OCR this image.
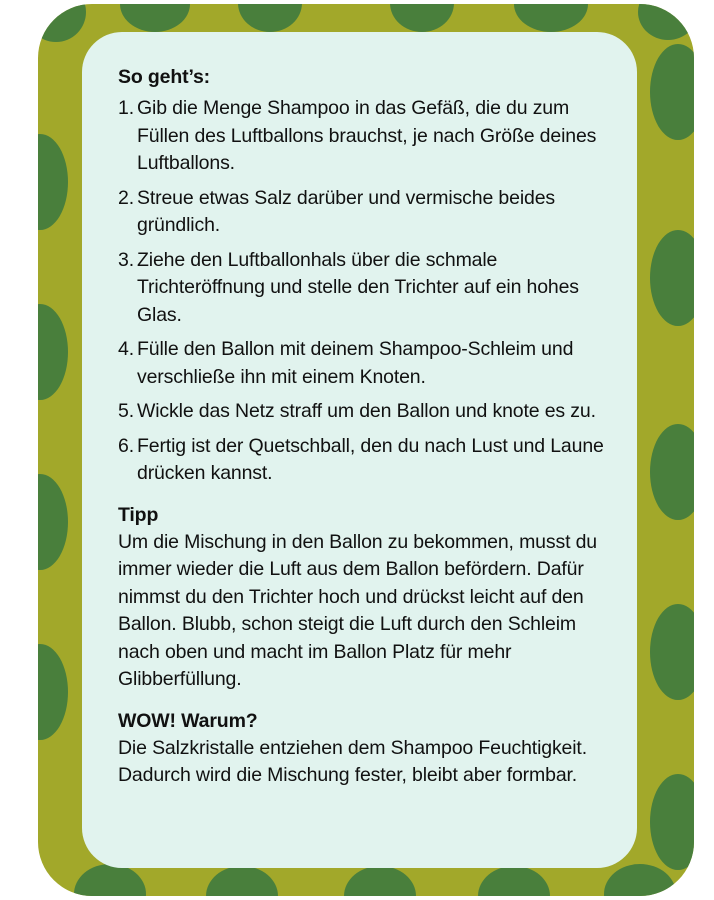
So geht’s:
1. Gib die Menge Shampoo in das Gefäß, die du zum Füllen des Luftballons brauchst, je nach Größe deines Luftballons.
2. Streue etwas Salz darüber und vermische beides gründlich.
3. Ziehe den Luftballonhals über die schmale Trichteröffnung und stelle den Trichter auf ein hohes Glas.
4. Fülle den Ballon mit deinem Shampoo-Schleim und verschließe ihn mit einem Knoten.
5. Wickle das Netz straff um den Ballon und knote es zu.
6. Fertig ist der Quetschball, den du nach Lust und Laune drücken kannst.
Tipp

Um die Mischung in den Ballon zu bekommen, musst du immer wieder die Luft aus dem Ballon befördern. Dafür nimmst du den Trichter hoch und drückst leicht auf den Ballon. Blubb, schon steigt die Luft durch den Schleim nach oben und macht im Ballon Platz für mehr Glibberfüllung.

WOW! Warum?

Die Salzkristalle entziehen dem Shampoo Feuchtigkeit. Dadurch wird die Mischung fester, bleibt aber formbar.
